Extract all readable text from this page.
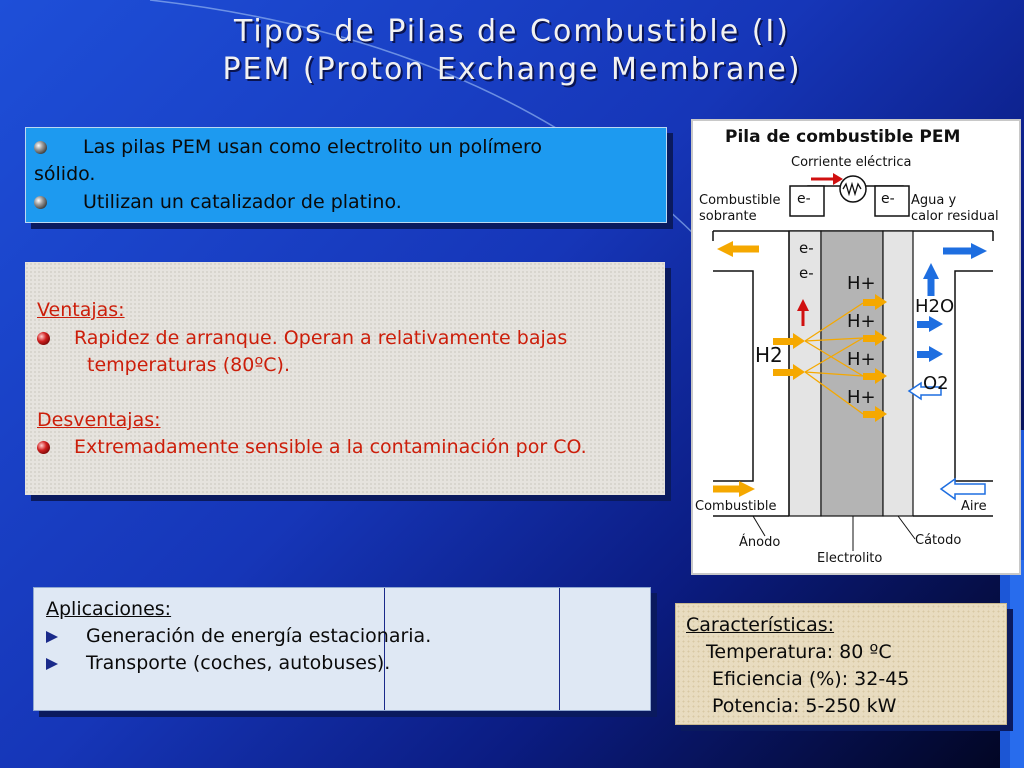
Tipos de Pilas de Combustible (I)
PEM (Proton Exchange Membrane)
Las pilas PEM usan como electrolito un polímero
sólido.
Utilizan un catalizador de platino.
Ventajas:
Rapidez de arranque. Operan a relativamente bajas
temperaturas (80ºC).
Desventajas:
Extremadamente sensible a la contaminación por CO.
Aplicaciones:
Generación de energía estacionaria.
Transporte (coches, autobuses).
Características:
Temperatura: 80 ºC
Eficiencia (%): 32-45
Potencia: 5-250 kW
Pila de combustible PEM
Corriente eléctrica
Combustible
sobrante
Agua y
calor residual
e-	e-
e-
e- H+
H+
H+
H+
H2
H2O
O2
Combustible	Aire
Ánodo
Electrolito
Cátodo
